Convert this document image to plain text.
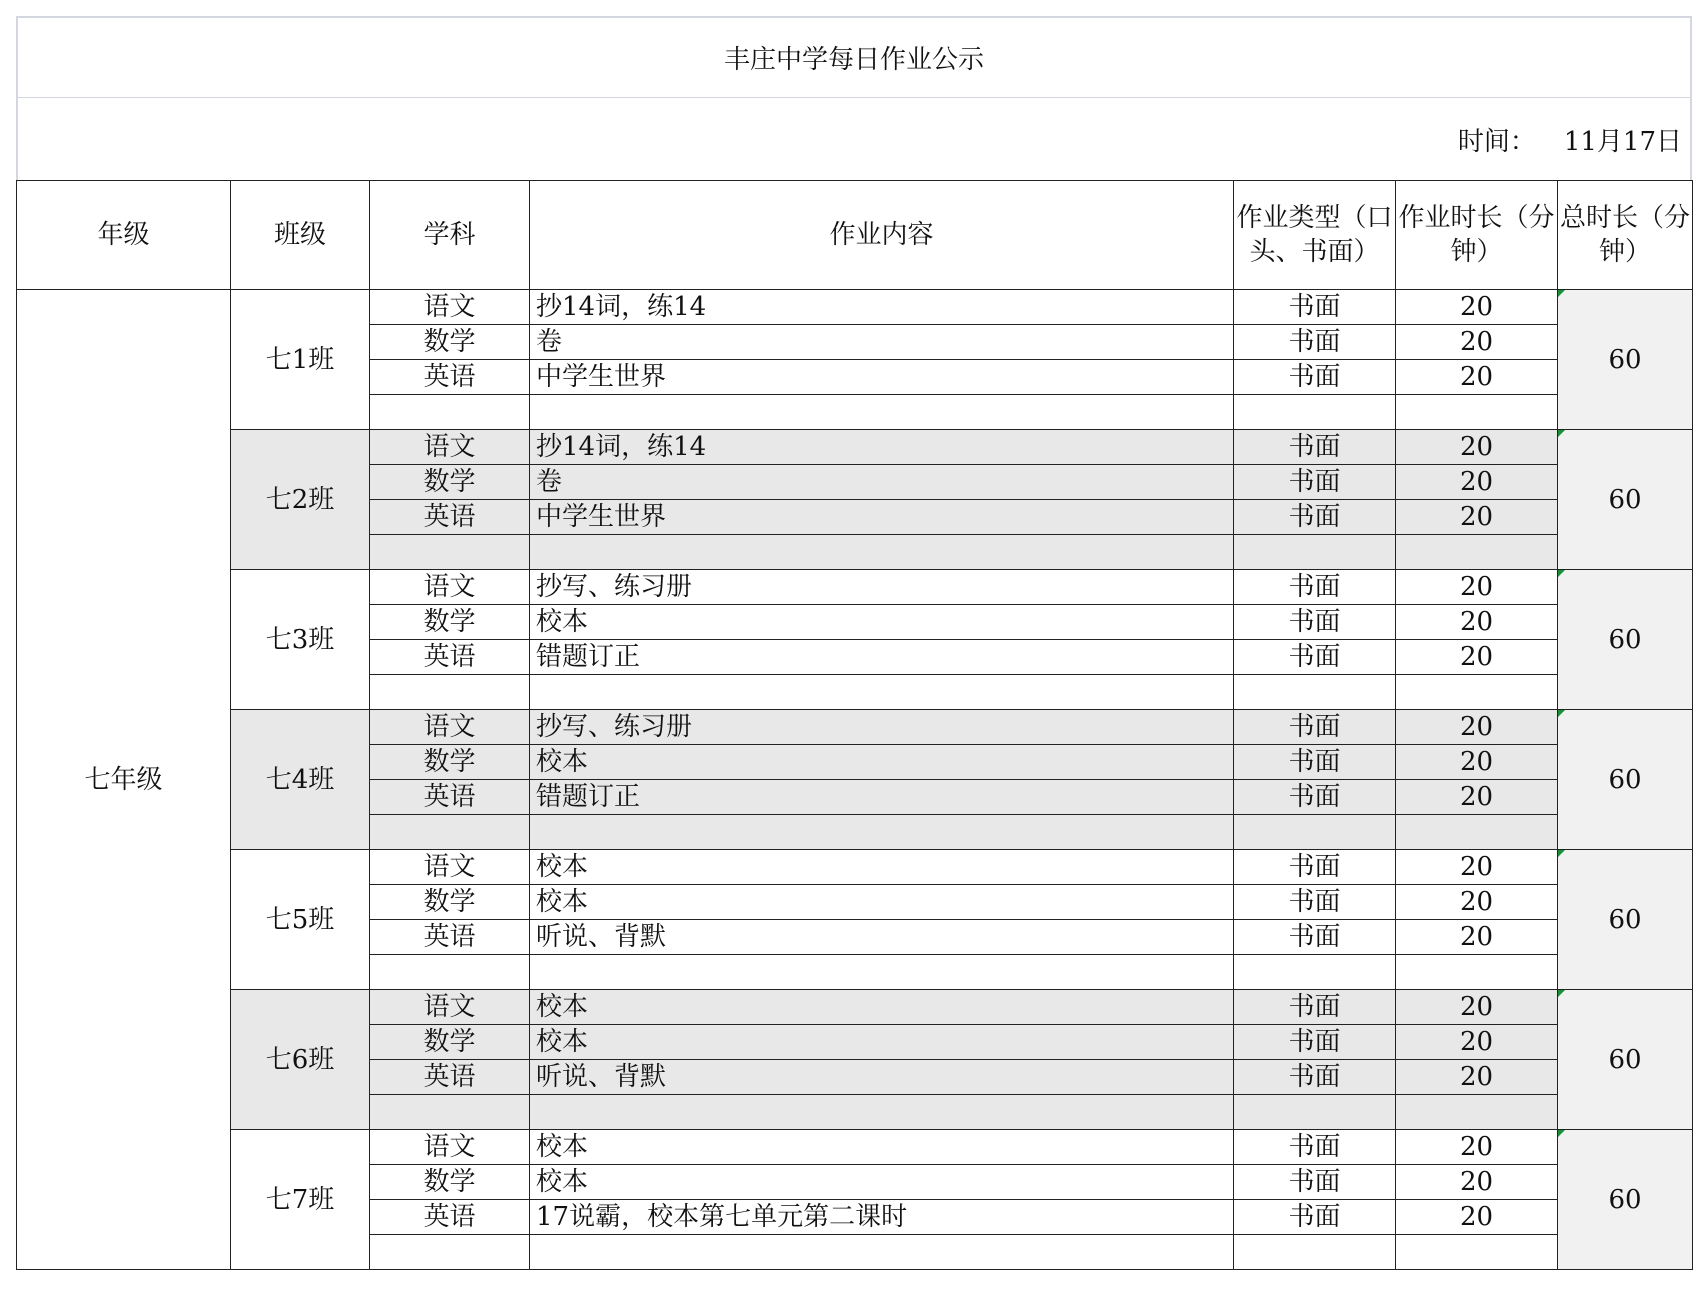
丰庄中学每日作业公示
时间： 11月17日
年级	班级	学科	作业内容	作业类型（口头、书面）	作业时长（分钟）	总时长（分钟）
七年级	七1班	语文	抄14词，练14	书面	20	60
		数学	卷	书面	20	
		英语	中学生世界	书面	20	

	七2班	语文	抄14词，练14	书面	20	60
		数学	卷	书面	20	
		英语	中学生世界	书面	20	

	七3班	语文	抄写、练习册	书面	20	60
		数学	校本	书面	20	
		英语	错题订正	书面	20	

	七4班	语文	抄写、练习册	书面	20	60
		数学	校本	书面	20	
		英语	错题订正	书面	20	

	七5班	语文	校本	书面	20	60
		数学	校本	书面	20	
		英语	听说、背默	书面	20	

	七6班	语文	校本	书面	20	60
		数学	校本	书面	20	
		英语	听说、背默	书面	20	

	七7班	语文	校本	书面	20	60
		数学	校本	书面	20	
		英语	17说霸，校本第七单元第二课时	书面	20	
